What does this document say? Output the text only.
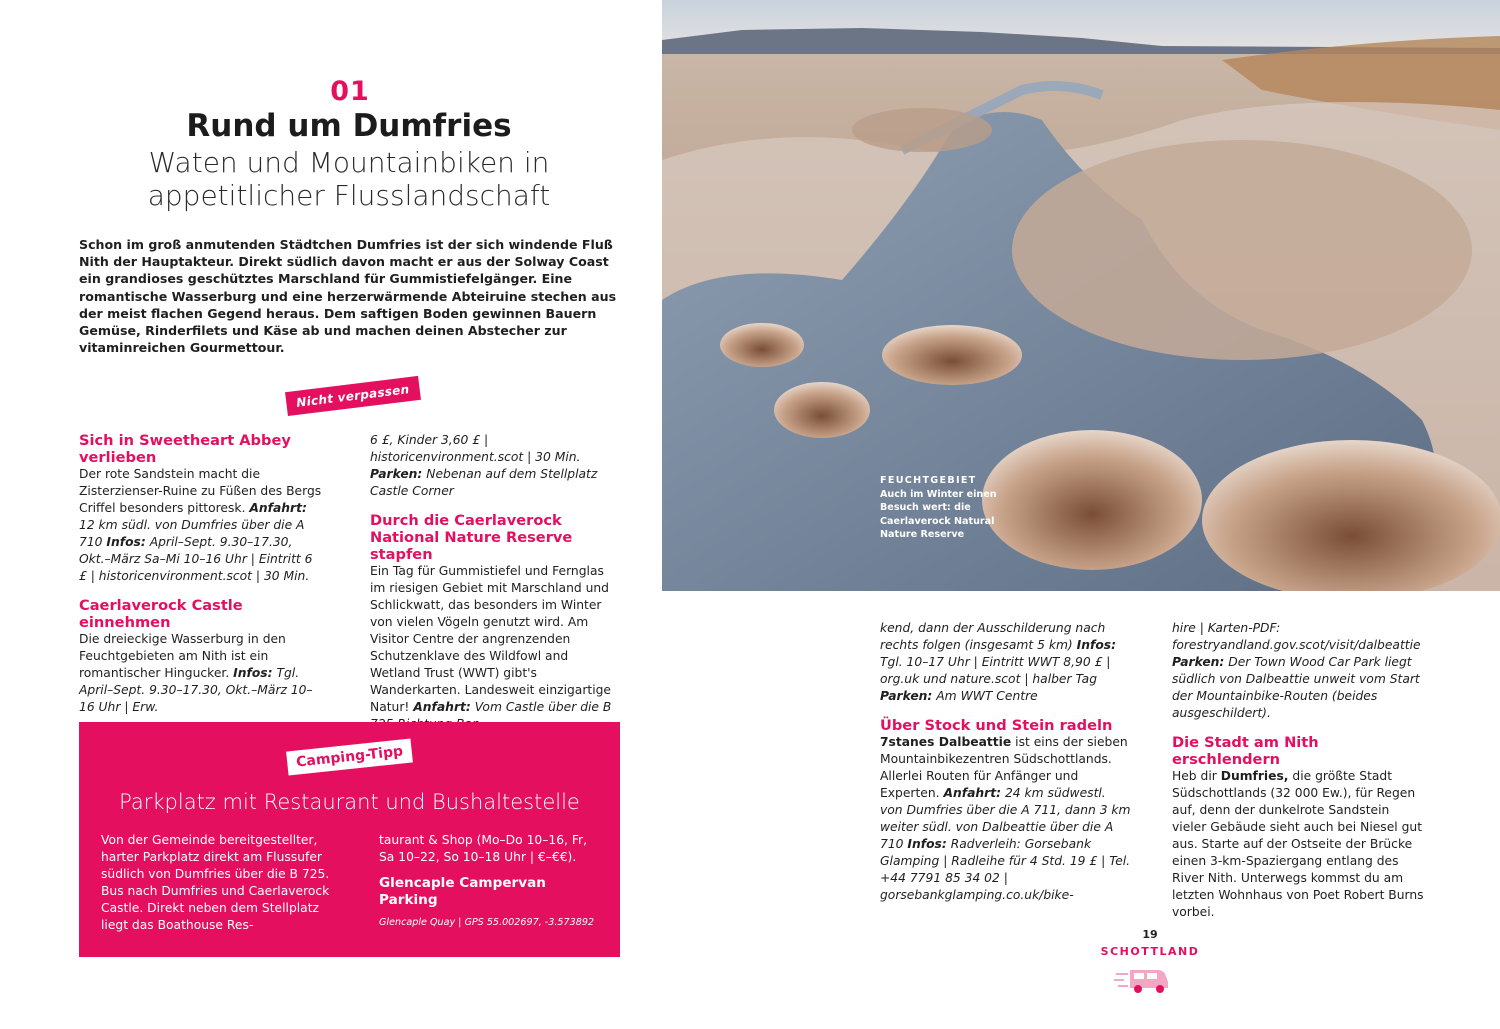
01
Rund um Dumfries
Waten und Mountainbiken in
appetitlicher Flusslandschaft

Schon im groß anmutenden Städtchen Dumfries ist der sich windende Fluß Nith der Hauptakteur. Direkt südlich davon macht er aus der Solway Coast ein grandioses geschütztes Marschland für Gummistiefelgänger. Eine romantische Wasserburg und eine herzerwärmende Abteiruine stechen aus der meist flachen Gegend heraus. Dem saftigen Boden gewinnen Bauern Gemüse, Rinderfilets und Käse ab und machen deinen Abstecher zur vitaminreichen Gourmettour.

Nicht verpassen
Sich in Sweetheart Abbey verlieben

Der rote Sandstein macht die Zisterzienser-Ruine zu Füßen des Bergs Criffel besonders pittoresk. Anfahrt: 12 km südl. von Dumfries über die A 710 Infos: April–Sept. 9.30–17.30, Okt.–März Sa–Mi 10–16 Uhr | Eintritt 6 £ | historicenvironment.scot | 30 Min.

Caerlaverock Castle einnehmen

Die dreieckige Wasserburg in den Feuchtgebieten am Nith ist ein romantischer Hingucker. Infos: Tgl. April–Sept. 9.30–17.30, Okt.–März 10–16 Uhr | Erw.

6 £, Kinder 3,60 £ | historicenvironment.scot | 30 Min. Parken: Nebenan auf dem Stellplatz Castle Corner

Durch die Caerlaverock National Nature Reserve stapfen

Ein Tag für Gummistiefel und Fernglas im riesigen Gebiet mit Marschland und Schlickwatt, das besonders im Winter von vielen Vögeln genutzt wird. Am Visitor Centre der angrenzenden Schutzenklave des Wildfowl and Wetland Trust (WWT) gibt's Wanderkarten. Landesweit einzigartige Natur! Anfahrt: Vom Castle über die B

FEUCHTGEBIET
Auch im Winter einen Besuch wert: die Caerlaverock Natural Nature Reserve

kend, dann der Ausschilderung nach rechts folgen (insgesamt 5 km) Infos: Tgl. 10–17 Uhr | Eintritt WWT 8,90 £ | org.uk und nature.scot | halber Tag Parken: Am WWT Centre

Über Stock und Stein radeln

7stanes Dalbeattie ist eins der sieben Mountainbikezentren Südschottlands. Allerlei Routen für Anfänger und Experten. Anfahrt: 24 km südwestl. von Dumfries über die A 711, dann 3 km weiter südl. von Dalbeattie über die A 710 Infos: Radverleih: Gorsebank Glamping | Radleihe für 4 Std. 19 £ | Tel. +44 7791 85 34 02 | gorsebankglamping.co.uk/bike-

hire | Karten-PDF: forestryandland.gov.scot/visit/dalbeattie Parken: Der Town Wood Car Park liegt südlich von Dalbeattie unweit vom Start der Mountainbike-Routen (beides ausgeschildert).

Die Stadt am Nith erschlendern

Heb dir Dumfries, die größte Stadt Südschottlands (32 000 Ew.), für Regen auf, denn der dunkelrote Sandstein vieler Gebäude sieht auch bei Niesel gut aus. Starte auf der Ostseite der Brücke einen 3-km-Spaziergang entlang des River Nith. Unterwegs kommst du am letzten Wohnhaus von Poet Robert Burns vorbei.

Camping-Tipp
Parkplatz mit Restaurant und Bushaltestelle
Von der Gemeinde bereitgestellter, harter Parkplatz direkt am Flussufer südlich von Dumfries über die B 725. Bus nach Dumfries und Caerlaverock Castle. Direkt neben dem Stellplatz liegt das Boathouse Res-
taurant & Shop (Mo–Do 10–16, Fr, Sa 10–22, So 10–18 Uhr | €–€€).
Glencaple Campervan Parking
Glencaple Quay | GPS 55.002697, -3.573892
19
SCHOTTLAND
